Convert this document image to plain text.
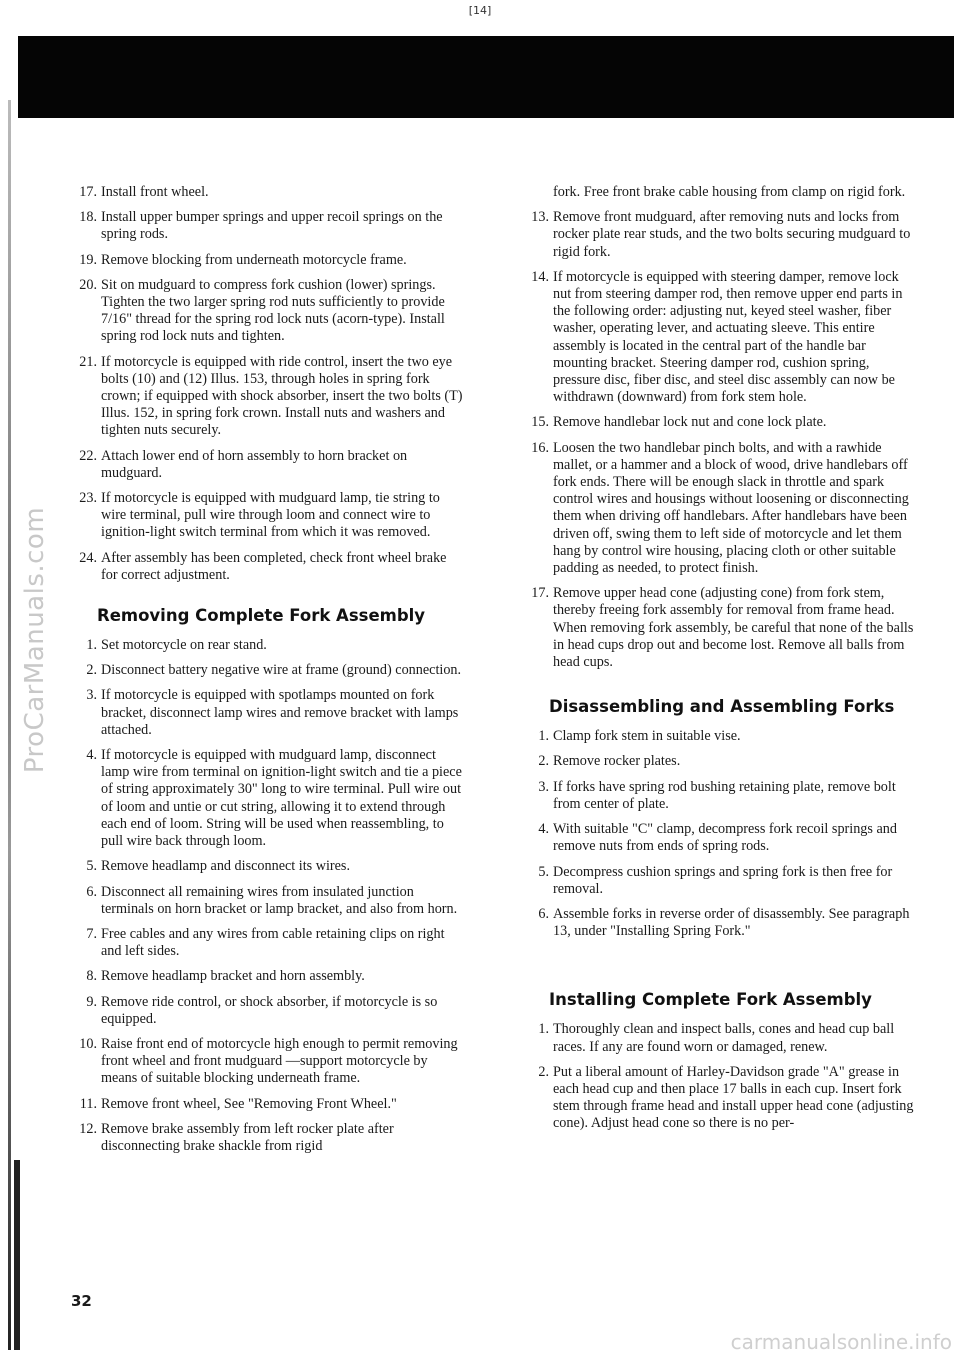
[14]
ProCarManuals.com
17. Install front wheel.
18. Install upper bumper springs and upper recoil springs on the spring rods.
19. Remove blocking from underneath motorcycle frame.
20. Sit on mudguard to compress fork cushion (lower) springs. Tighten the two larger spring rod nuts sufficiently to provide 7/16" thread for the spring rod lock nuts (acorn-type). Install spring rod lock nuts and tighten.
21. If motorcycle is equipped with ride control, insert the two eye bolts (10) and (12) Illus. 153, through holes in spring fork crown; if equipped with shock absorber, insert the two bolts (T) Illus. 152, in spring fork crown. Install nuts and washers and tighten nuts securely.
22. Attach lower end of horn assembly to horn bracket on mudguard.
23. If motorcycle is equipped with mudguard lamp, tie string to wire terminal, pull wire through loom and connect wire to ignition-light switch terminal from which it was removed.
24. After assembly has been completed, check front wheel brake for correct adjustment.
Removing Complete Fork Assembly
1. Set motorcycle on rear stand.
2. Disconnect battery negative wire at frame (ground) connection.
3. If motorcycle is equipped with spotlamps mounted on fork bracket, disconnect lamp wires and remove bracket with lamps attached.
4. If motorcycle is equipped with mudguard lamp, disconnect lamp wire from terminal on ignition-light switch and tie a piece of string approximately 30" long to wire terminal. Pull wire out of loom and untie or cut string, allowing it to extend through each end of loom. String will be used when reassembling, to pull wire back through loom.
5. Remove headlamp and disconnect its wires.
6. Disconnect all remaining wires from insulated junction terminals on horn bracket or lamp bracket, and also from horn.
7. Free cables and any wires from cable retaining clips on right and left sides.
8. Remove headlamp bracket and horn assembly.
9. Remove ride control, or shock absorber, if motorcycle is so equipped.
10. Raise front end of motorcycle high enough to permit removing front wheel and front mudguard —support motorcycle by means of suitable blocking underneath frame.
11. Remove front wheel, See "Removing Front Wheel."
12. Remove brake assembly from left rocker plate after disconnecting brake shackle from rigid
fork. Free front brake cable housing from clamp on rigid fork.
13. Remove front mudguard, after removing nuts and locks from rocker plate rear studs, and the two bolts securing mudguard to rigid fork.
14. If motorcycle is equipped with steering damper, remove lock nut from steering damper rod, then remove upper end parts in the following order: adjusting nut, keyed steel washer, fiber washer, operating lever, and actuating sleeve. This entire assembly is located in the central part of the handle bar mounting bracket. Steering damper rod, cushion spring, pressure disc, fiber disc, and steel disc assembly can now be withdrawn (downward) from fork stem hole.
15. Remove handlebar lock nut and cone lock plate.
16. Loosen the two handlebar pinch bolts, and with a rawhide mallet, or a hammer and a block of wood, drive handlebars off fork ends. There will be enough slack in throttle and spark control wires and housings without loosening or disconnecting them when driving off handlebars. After handlebars have been driven off, swing them to left side of motorcycle and let them hang by control wire housing, placing cloth or other suitable padding as needed, to protect finish.
17. Remove upper head cone (adjusting cone) from fork stem, thereby freeing fork assembly for removal from frame head. When removing fork assembly, be careful that none of the balls in head cups drop out and become lost. Remove all balls from head cups.
Disassembling and Assembling Forks
1. Clamp fork stem in suitable vise.
2. Remove rocker plates.
3. If forks have spring rod bushing retaining plate, remove bolt from center of plate.
4. With suitable "C" clamp, decompress fork recoil springs and remove nuts from ends of spring rods.
5. Decompress cushion springs and spring fork is then free for removal.
6. Assemble forks in reverse order of disassembly. See paragraph 13, under "Installing Spring Fork."
Installing Complete Fork Assembly
1. Thoroughly clean and inspect balls, cones and head cup ball races. If any are found worn or damaged, renew.
2. Put a liberal amount of Harley-Davidson grade "A" grease in each head cup and then place 17 balls in each cup. Insert fork stem through frame head and install upper head cone (adjusting cone). Adjust head cone so there is no per-
32
carmanualsonline.info
